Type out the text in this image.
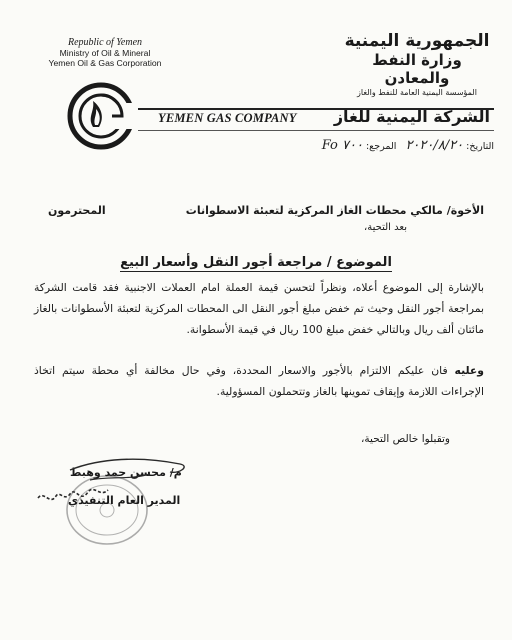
Republic of Yemen
Ministry of Oil & Mineral
Yemen Oil & Gas Corporation
الجمهورية اليمنية
وزارة النفط والمعادن
المؤسسة اليمنية العامة للنفط والغاز
YEMEN GAS COMPANY الشركة اليمنية للغاز
التاريخ: ٢٠٢٠/٨/٢٠   المرجع: ٧٠٠ Fo
الأخوة/ مالكي محطات الغاز المركزية لتعبئة الاسطوانات
المحترمون
بعد التحية،
الموضوع / مراجعة أجور النقل وأسعار البيع
بالإشارة إلى الموضوع أعلاه، ونظراً لتحسن قيمة العملة امام العملات الاجنبية فقد قامت الشركة بمراجعة أجور النقل وحيث تم خفض مبلغ أجور النقل الى المحطات المركزية لتعبئة الأسطوانات بالغاز مائتان ألف ريال وبالتالي خفض مبلغ 100 ريال في قيمة الأسطوانة.
وعليه فان عليكم الالتزام بالأجور والاسعار المحددة، وفي حال مخالفة أي محطة سيتم اتخاذ الإجراءات اللازمة وإيقاف تموينها بالغاز وتتحملون المسؤولية.
وتقبلوا خالص التحية،
م/ محسن حمد وهبط
المدير العام التنفيذي
